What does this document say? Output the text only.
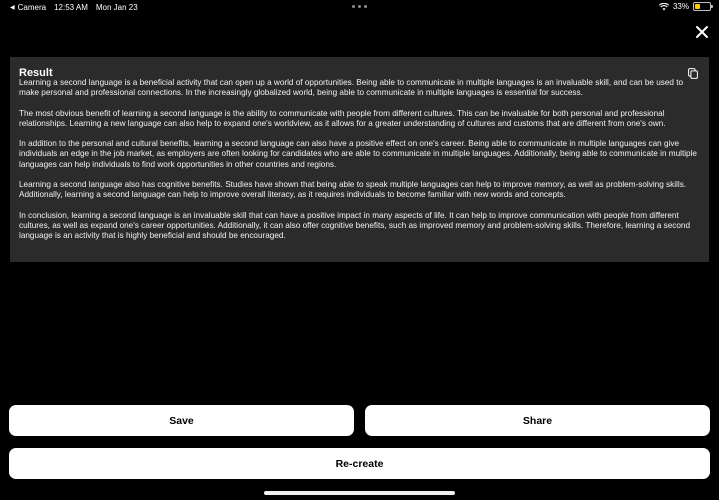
◀ Camera 12:53 AM Mon Jan 23	33%
Result

Learning a second language is a beneficial activity that can open up a world of opportunities. Being able to communicate in multiple languages is an invaluable skill, and can be used to make personal and professional connections. In the increasingly globalized world, being able to communicate in multiple languages is essential for success.

The most obvious benefit of learning a second language is the ability to communicate with people from different cultures. This can be invaluable for both personal and professional relationships. Learning a new language can also help to expand one's worldview, as it allows for a greater understanding of cultures and customs that are different from one's own.

In addition to the personal and cultural benefits, learning a second language can also have a positive effect on one's career. Being able to communicate in multiple languages can give individuals an edge in the job market, as employers are often looking for candidates who are able to communicate in multiple languages. Additionally, being able to communicate in multiple languages can help individuals to find work opportunities in other countries and regions.

Learning a second language also has cognitive benefits. Studies have shown that being able to speak multiple languages can help to improve memory, as well as problem-solving skills. Additionally, learning a second language can help to improve overall literacy, as it requires individuals to become familiar with new words and concepts.

In conclusion, learning a second language is an invaluable skill that can have a positive impact in many aspects of life. It can help to improve communication with people from different cultures, as well as expand one's career opportunities. Additionally, it can also offer cognitive benefits, such as improved memory and problem-solving skills. Therefore, learning a second language is an activity that is highly beneficial and should be encouraged.

Save	Share
Re-create
